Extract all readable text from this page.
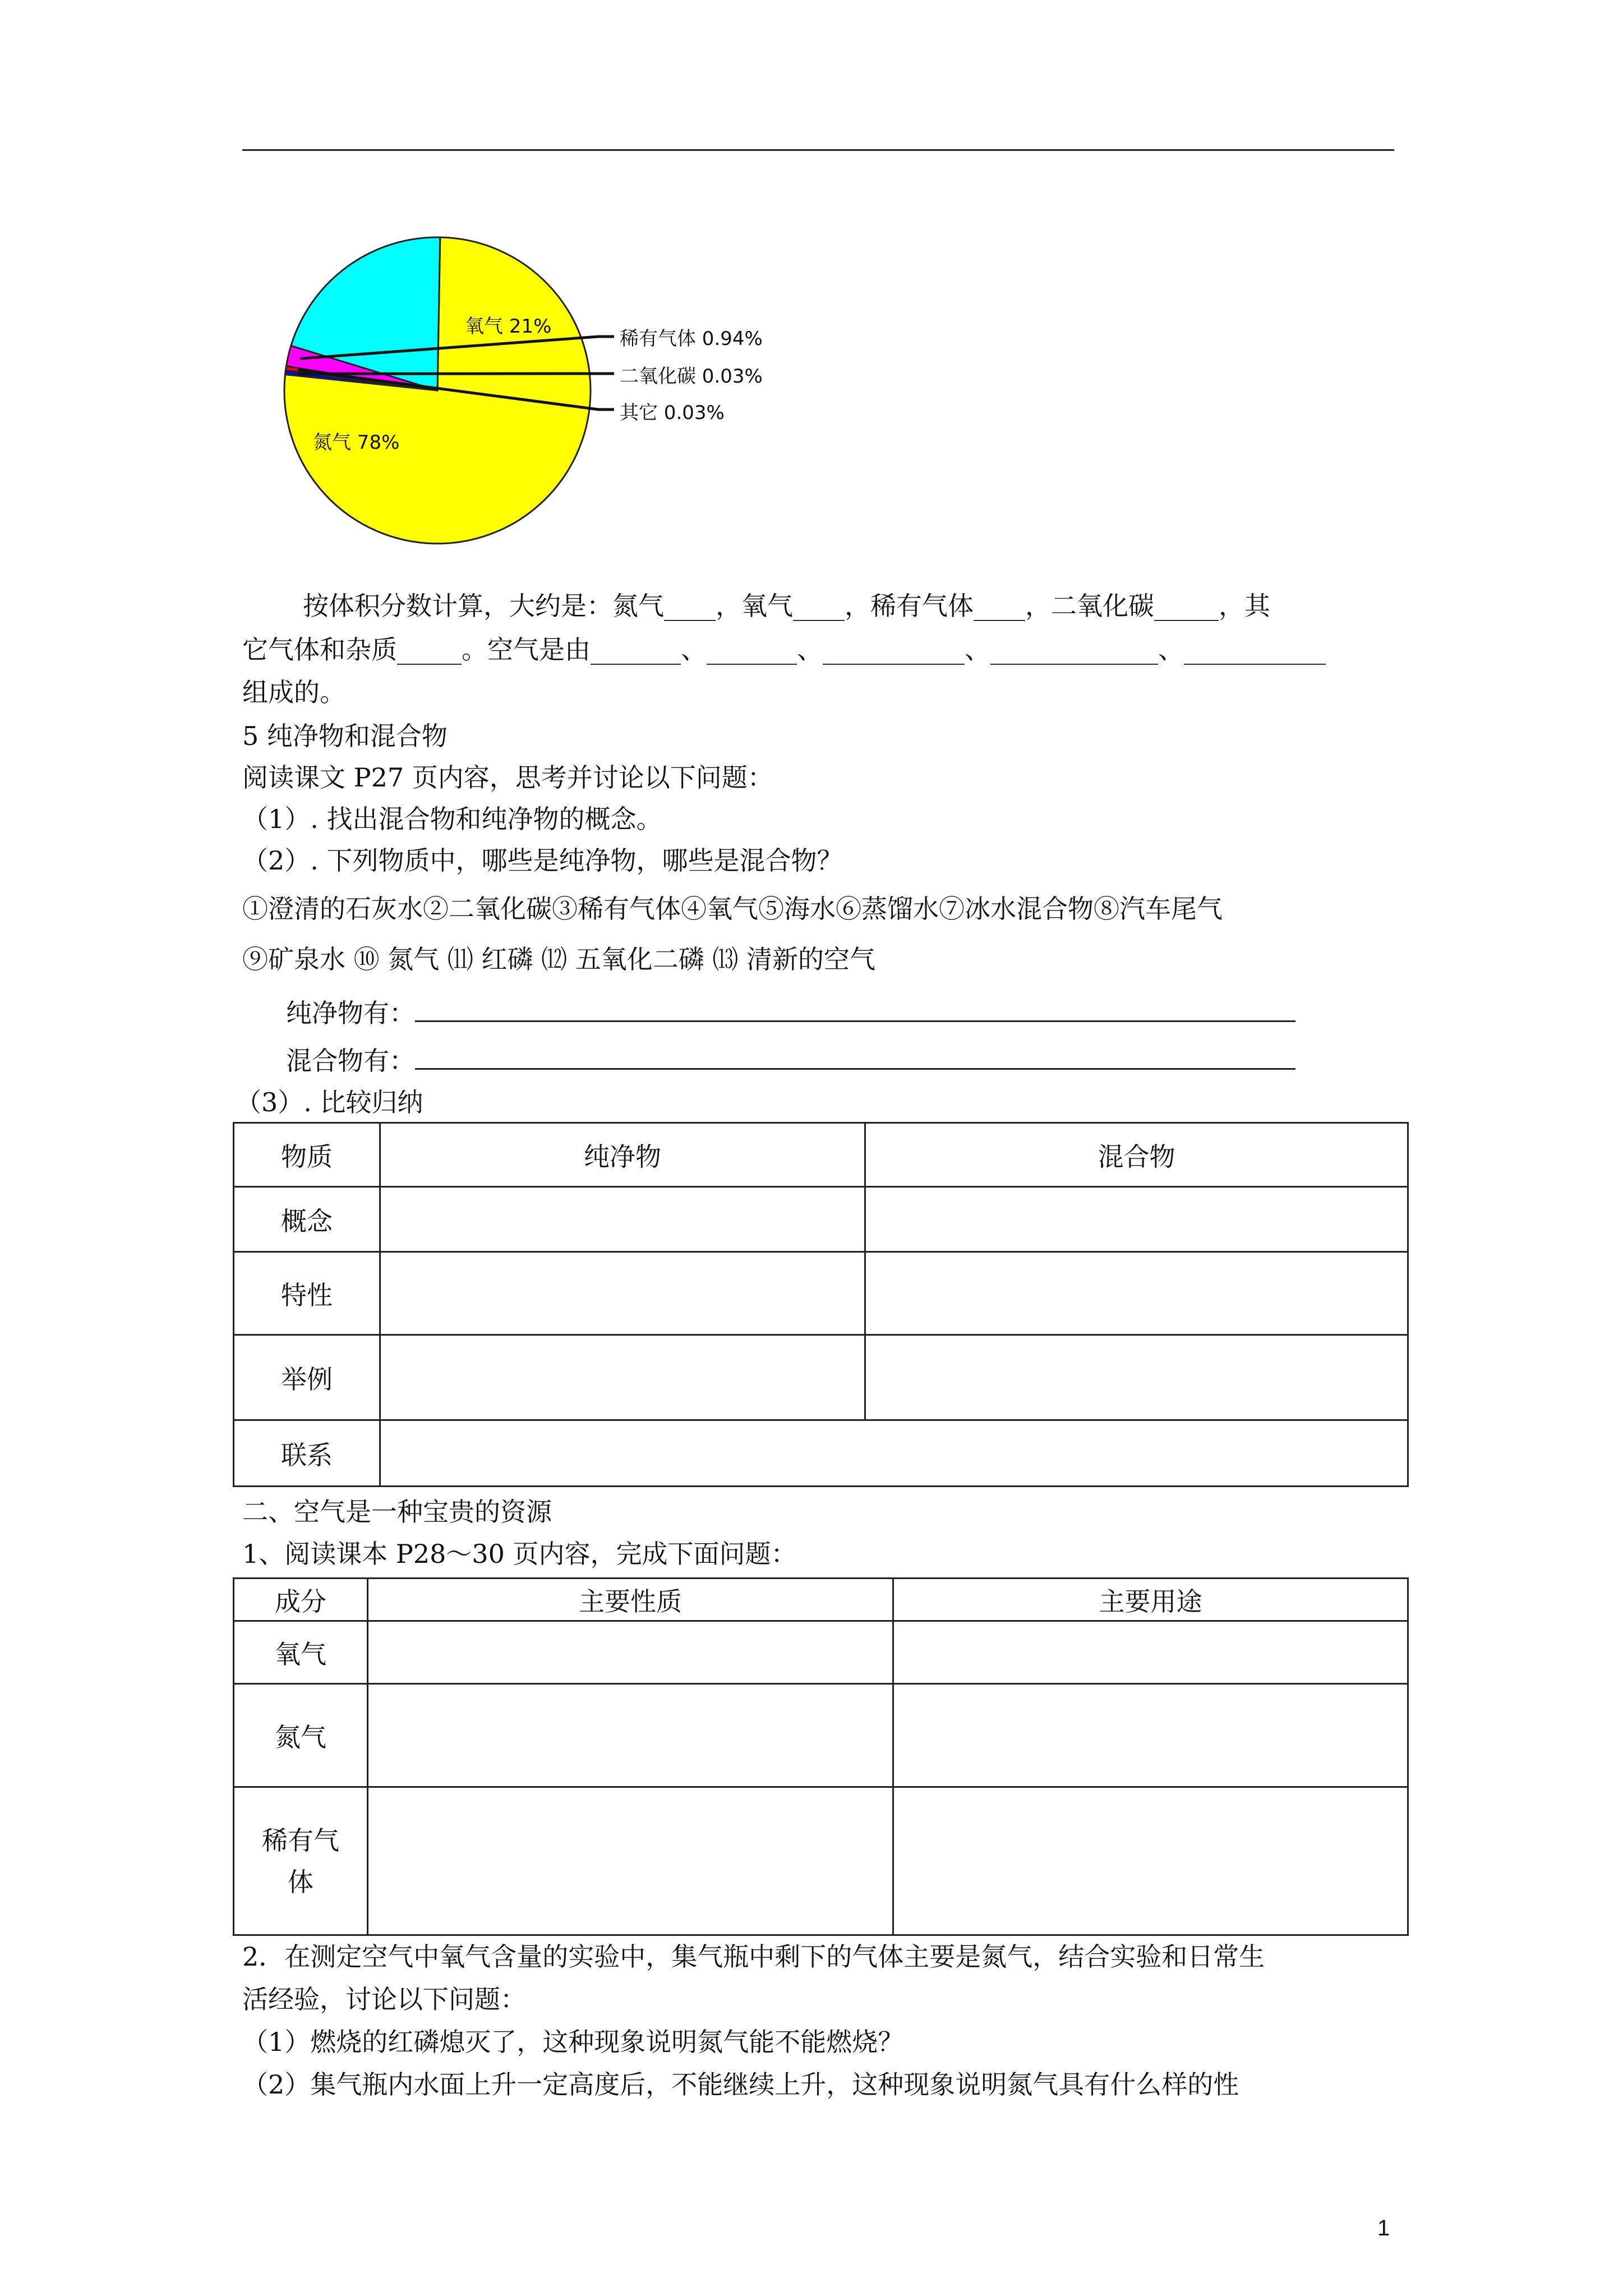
氮气 78%
氧气 21%
稀有气体 0.94%
二氧化碳 0.03%
其它 0.03%
按体积分数计算，大约是：氮气____，氧气____，稀有气体____，二氧化碳_____，其
它气体和杂质_____。空气是由_______、_______、___________、_____________、___________
组成的。
5 纯净物和混合物
阅读课文 P27 页内容，思考并讨论以下问题：
（1）. 找出混合物和纯净物的概念。
（2）. 下列物质中，哪些是纯净物，哪些是混合物？
①澄清的石灰水②二氧化碳③稀有气体④氧气⑤海水⑥蒸馏水⑦冰水混合物⑧汽车尾气
⑨矿泉水 ⑩ 氮气 ⑾ 红磷 ⑿ 五氧化二磷 ⒀ 清新的空气
纯净物有：
混合物有：
（3）. 比较归纳
物质	纯净物	混合物
概念		
特性		
举例		
联系		
二、空气是一种宝贵的资源
1、阅读课本 P28～30 页内容，完成下面问题：
成分	主要性质	主要用途
氧气		
氮气		

稀有气体		

2．在测定空气中氧气含量的实验中，集气瓶中剩下的气体主要是氮气，结合实验和日常生
活经验，讨论以下问题：
（1）燃烧的红磷熄灭了，这种现象说明氮气能不能燃烧？
（2）集气瓶内水面上升一定高度后，不能继续上升，这种现象说明氮气具有什么样的性
1
